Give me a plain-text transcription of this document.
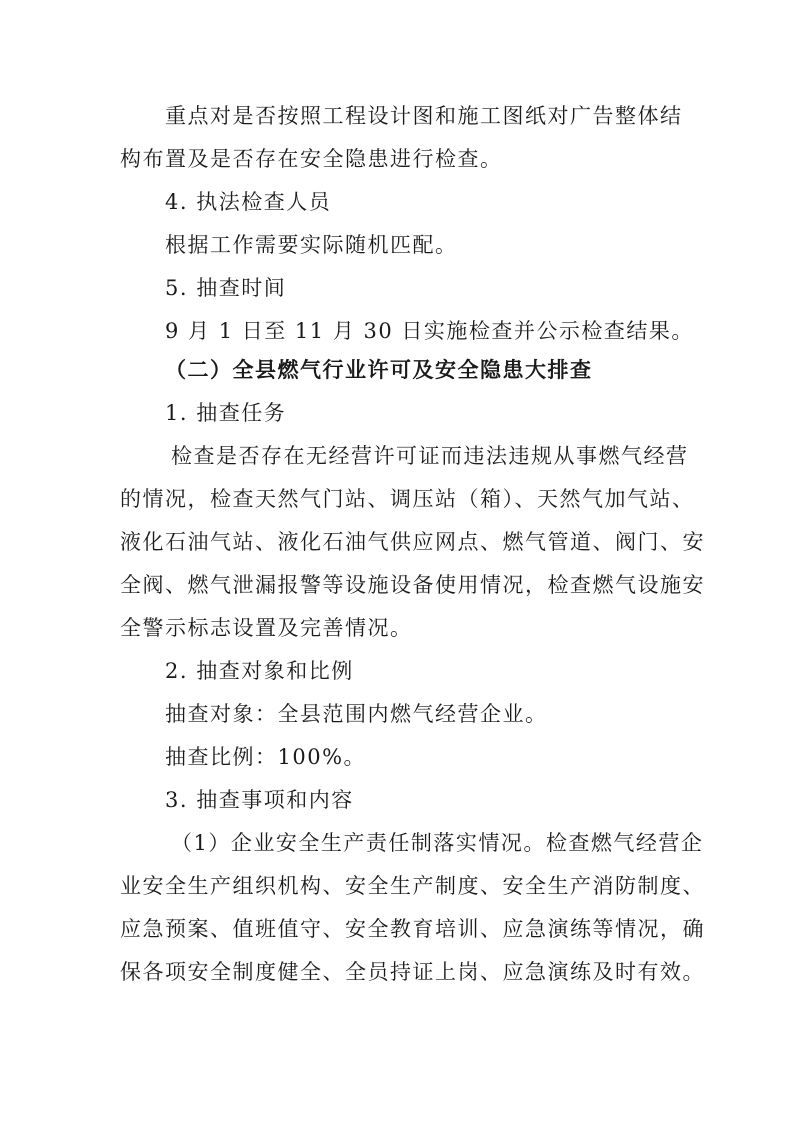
重点对是否按照工程设计图和施工图纸对广告整体结
构布置及是否存在安全隐患进行检查。
4. 执法检查人员
根据工作需要实际随机匹配。
5. 抽查时间
9 月 1 日至 11 月 30 日实施检查并公示检查结果。
（二）全县燃气行业许可及安全隐患大排查
1. 抽查任务
检查是否存在无经营许可证而违法违规从事燃气经营
的情况，检查天然气门站、调压站（箱）、天然气加气站、
液化石油气站、液化石油气供应网点、燃气管道、阀门、安
全阀、燃气泄漏报警等设施设备使用情况，检查燃气设施安
全警示标志设置及完善情况。
2. 抽查对象和比例
抽查对象：全县范围内燃气经营企业。
抽查比例：100%。
3. 抽查事项和内容
（1）企业安全生产责任制落实情况。检查燃气经营企
业安全生产组织机构、安全生产制度、安全生产消防制度、
应急预案、值班值守、安全教育培训、应急演练等情况，确
保各项安全制度健全、全员持证上岗、应急演练及时有效。
